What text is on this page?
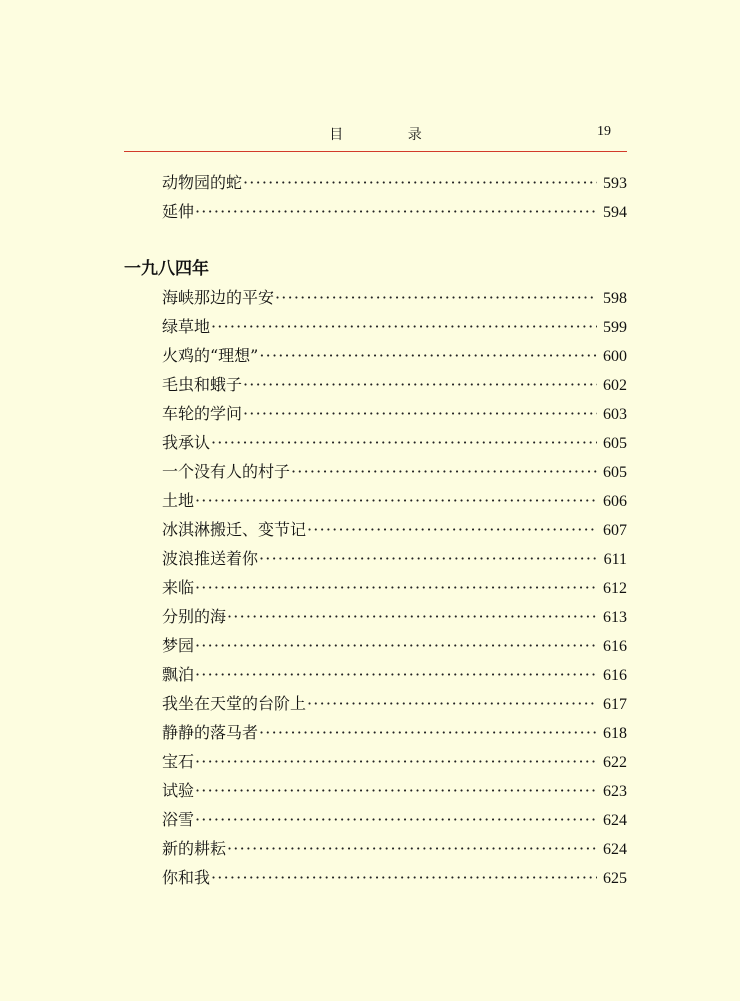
目 录	19
一九八四年
动物园的蛇 ·····	593
延伸 ·····	594
海峡那边的平安 ·····	598
绿草地 ·····	599
火鸡的“理想” ·····	600
毛虫和蛾子 ·····	602
车轮的学问 ·····	603
我承认 ·····	605
一个没有人的村子 ·····	605
土地 ·····	606
冰淇淋搬迁、变节记 ·····	607
波浪推送着你 ·····	611
来临 ·····	612
分别的海 ·····	613
梦园 ·····	616
飘泊 ·····	616
我坐在天堂的台阶上 ·····	617
静静的落马者 ·····	618
宝石 ·····	622
试验 ·····	623
浴雪 ·····	624
新的耕耘 ·····	624
你和我 ·····	625
